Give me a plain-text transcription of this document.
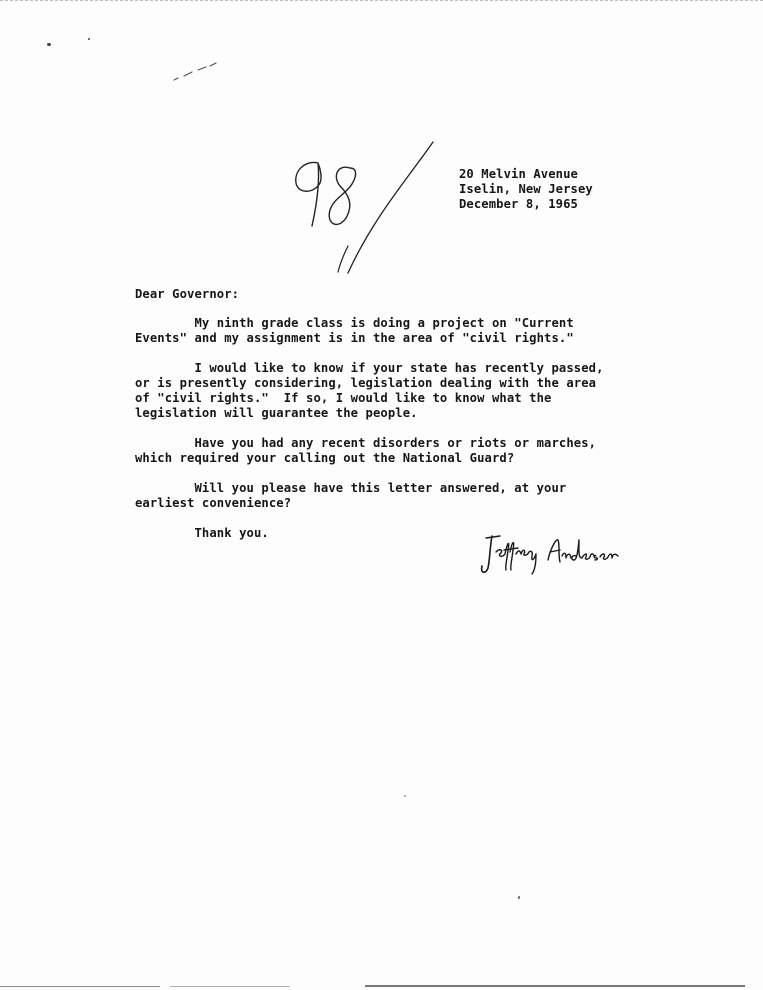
20 Melvin Avenue
Iselin, New Jersey
December 8, 1965
Dear Governor:
My ninth grade class is doing a project on "Current
Events" and my assignment is in the area of "civil rights."
I would like to know if your state has recently passed,
or is presently considering, legislation dealing with the area
of "civil rights."  If so, I would like to know what the
legislation will guarantee the people.
Have you had any recent disorders or riots or marches,
which required your calling out the National Guard?
Will you please have this letter answered, at your
earliest convenience?
Thank you.
